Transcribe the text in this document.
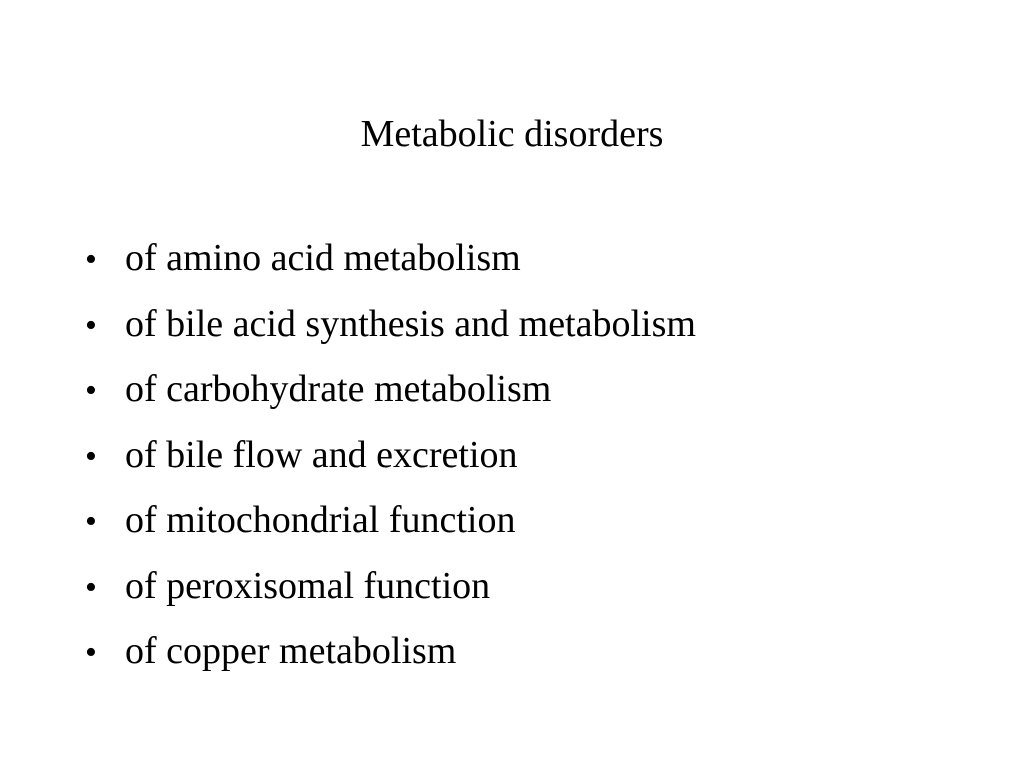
Metabolic disorders
• of amino acid metabolism
• of bile acid synthesis and metabolism
• of carbohydrate metabolism
• of bile flow and excretion
• of mitochondrial function
• of peroxisomal function
• of copper metabolism
